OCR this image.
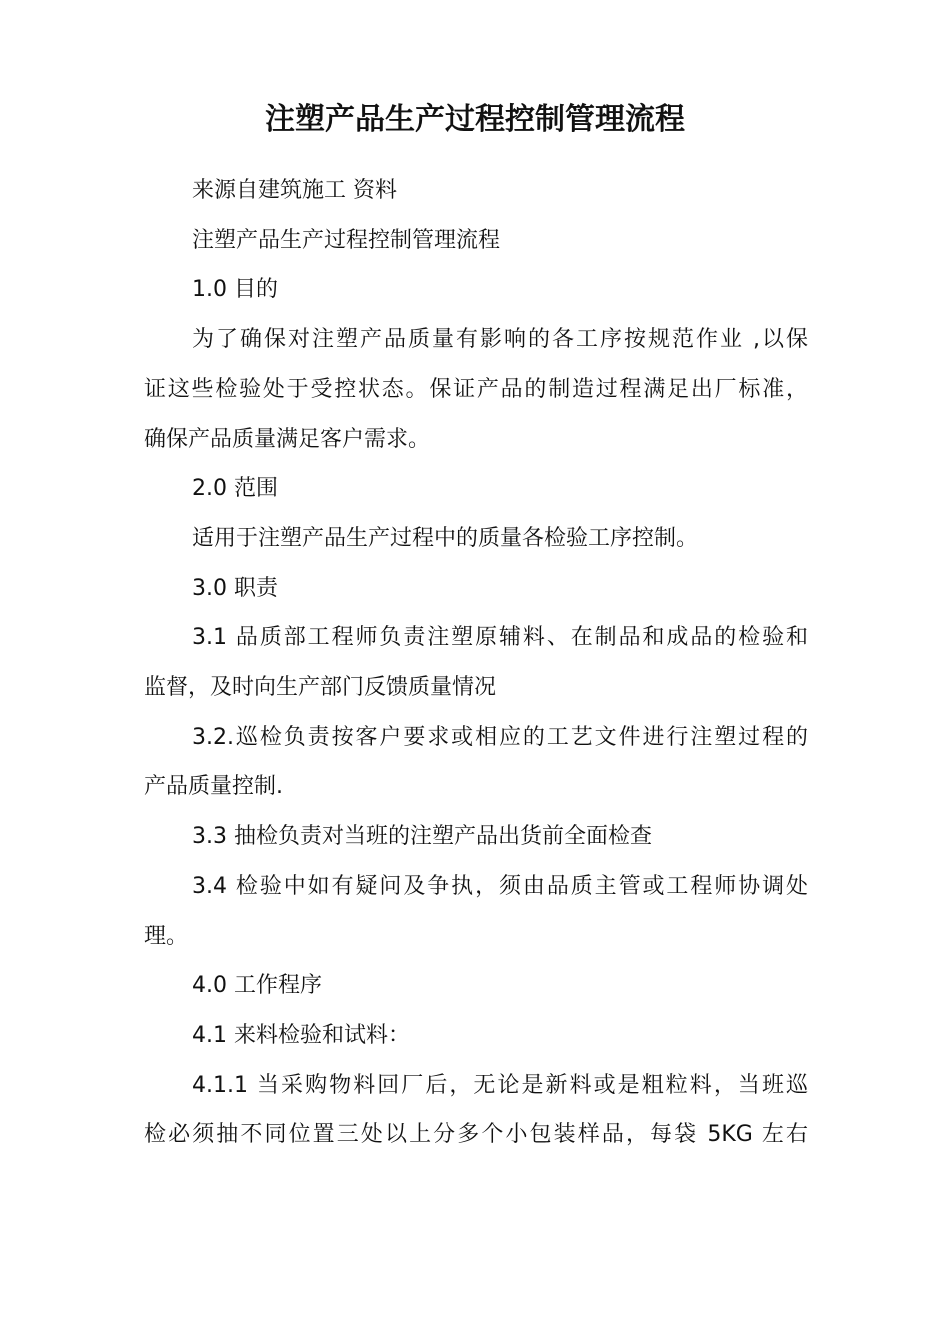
注塑产品生产过程控制管理流程
来源自建筑施工 资料
注塑产品生产过程控制管理流程
1.0 目的
为了确保对注塑产品质量有影响的各工序按规范作业 ,以保
证这些检验处于受控状态。保证产品的制造过程满足出厂标准，
确保产品质量满足客户需求。
2.0 范围
适用于注塑产品生产过程中的质量各检验工序控制。
3.0 职责
3.1 品质部工程师负责注塑原辅料、在制品和成品的检验和
监督，及时向生产部门反馈质量情况
3.2.巡检负责按客户要求或相应的工艺文件进行注塑过程的
产品质量控制.
3.3 抽检负责对当班的注塑产品出货前全面检查
3.4 检验中如有疑问及争执，须由品质主管或工程师协调处
理。
4.0 工作程序
4.1 来料检验和试料：
4.1.1 当采购物料回厂后，无论是新料或是粗粒料，当班巡
检必须抽不同位置三处以上分多个小包装样品，每袋 5KG 左右
